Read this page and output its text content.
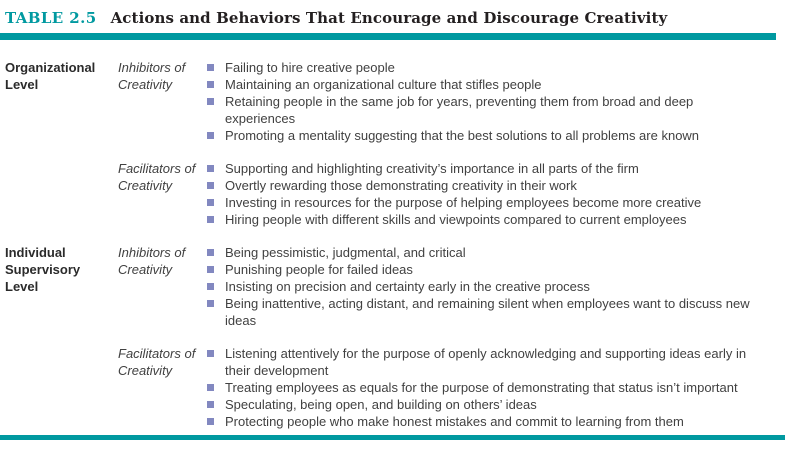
TABLE 2.5 Actions and Behaviors That Encourage and Discourage Creativity
Organizational Level
Inhibitors of Creativity
Failing to hire creative people
Maintaining an organizational culture that stifles people
Retaining people in the same job for years, preventing them from broad and deep experiences
Promoting a mentality suggesting that the best solutions to all problems are known
Facilitators of Creativity
Supporting and highlighting creativity’s importance in all parts of the firm
Overtly rewarding those demonstrating creativity in their work
Investing in resources for the purpose of helping employees become more creative
Hiring people with different skills and viewpoints compared to current employees
Individual Supervisory Level
Inhibitors of Creativity
Being pessimistic, judgmental, and critical
Punishing people for failed ideas
Insisting on precision and certainty early in the creative process
Being inattentive, acting distant, and remaining silent when employees want to discuss new ideas
Facilitators of Creativity
Listening attentively for the purpose of openly acknowledging and supporting ideas early in their development
Treating employees as equals for the purpose of demonstrating that status isn’t important
Speculating, being open, and building on others’ ideas
Protecting people who make honest mistakes and commit to learning from them
